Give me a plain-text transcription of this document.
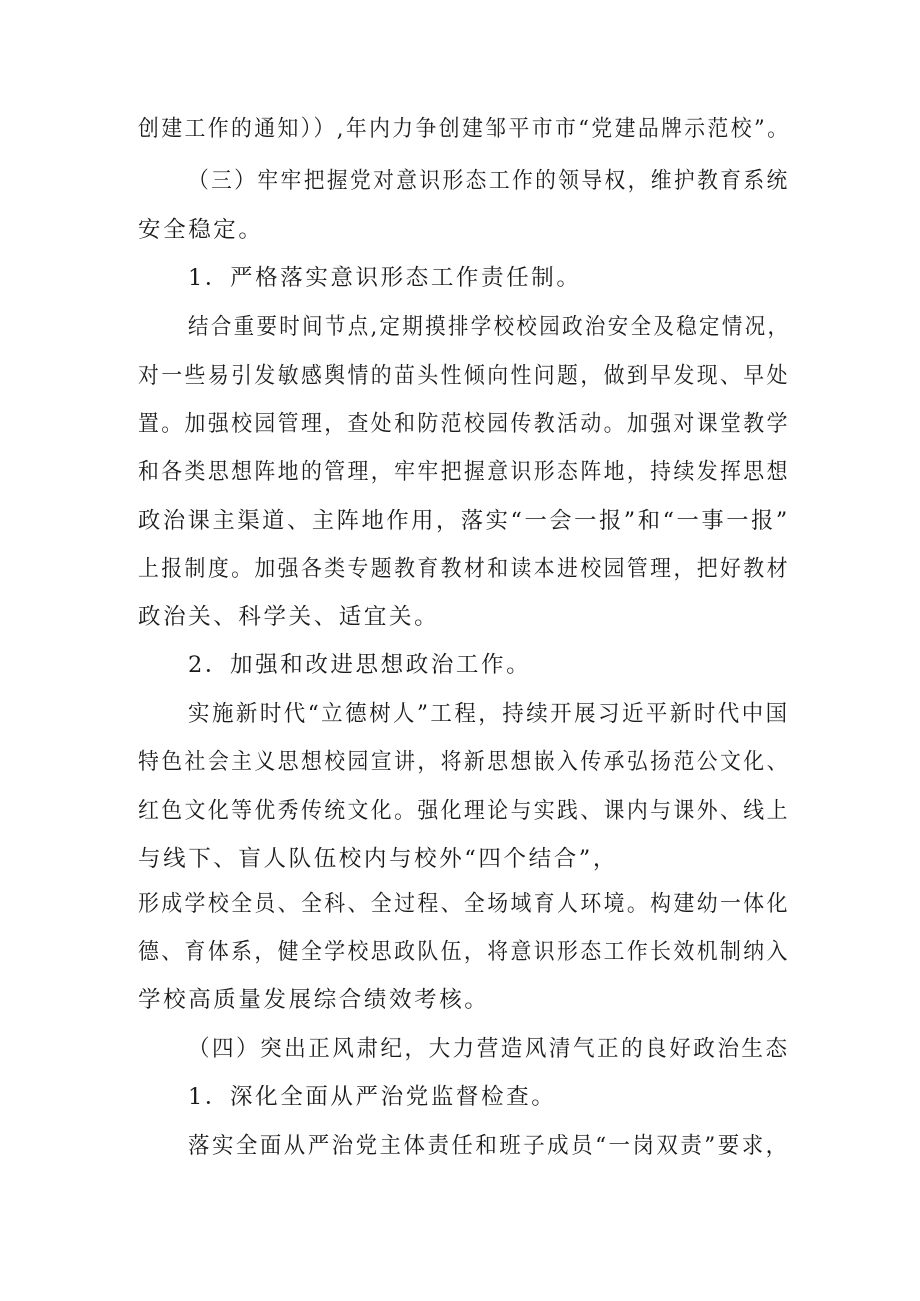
创建工作的通知））,年内力争创建邹平市市“党建品牌示范校”。
（三）牢牢把握党对意识形态工作的领导权，维护教育系统
安全稳定。
1．严格落实意识形态工作责任制。
结合重要时间节点,定期摸排学校校园政治安全及稳定情况，
对一些易引发敏感舆情的苗头性倾向性问题，做到早发现、早处
置。加强校园管理，查处和防范校园传教活动。加强对课堂教学
和各类思想阵地的管理，牢牢把握意识形态阵地，持续发挥思想
政治课主渠道、主阵地作用，落实“一会一报”和“一事一报”
上报制度。加强各类专题教育教材和读本进校园管理，把好教材
政治关、科学关、适宜关。
2．加强和改进思想政治工作。
实施新时代“立德树人”工程，持续开展习近平新时代中国
特色社会主义思想校园宣讲，将新思想嵌入传承弘扬范公文化、
红色文化等优秀传统文化。强化理论与实践、课内与课外、线上
与线下、盲人队伍校内与校外“四个结合”，
形成学校全员、全科、全过程、全场域育人环境。构建幼一体化
德、育体系，健全学校思政队伍，将意识形态工作长效机制纳入
学校高质量发展综合绩效考核。
（四）突出正风肃纪，大力营造风清气正的良好政治生态
1．深化全面从严治党监督检查。
落实全面从严治党主体责任和班子成员“一岗双责”要求，
